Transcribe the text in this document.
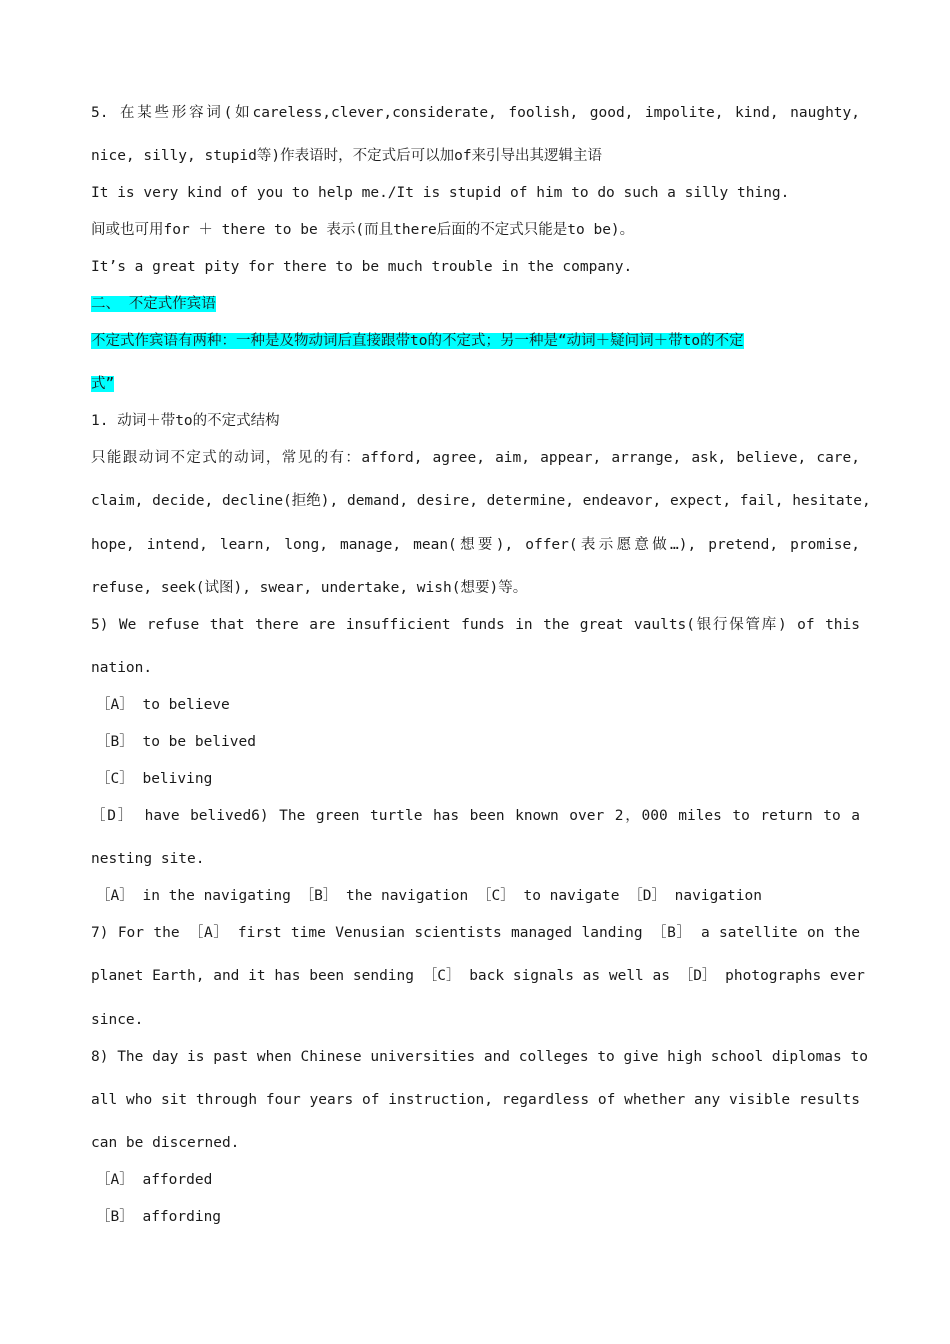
5. 在某些形容词(如careless,clever,considerate, foolish, good, impolite, kind, naughty,
nice, silly, stupid等)作表语时，不定式后可以加of来引导出其逻辑主语
It is very kind of you to help me./It is stupid of him to do such a silly thing.
间或也可用for ＋ there to be 表示(而且there后面的不定式只能是to be)。
It’s a great pity for there to be much trouble in the company.
二、 不定式作宾语
不定式作宾语有两种：一种是及物动词后直接跟带to的不定式；另一种是“动词＋疑问词＋带to的不定
式”
1. 动词＋带to的不定式结构
只能跟动词不定式的动词，常见的有：afford, agree, aim, appear, arrange, ask, believe, care,
claim, decide, decline(拒绝), demand, desire, determine, endeavor, expect, fail, hesitate,
hope, intend, learn, long, manage, mean(想要), offer(表示愿意做…), pretend, promise,
refuse, seek(试图), swear, undertake, wish(想要)等。
5) We refuse that there are insufficient funds in the great vaults(银行保管库) of this
nation.
［A］ to believe
［B］ to be belived
［C］ beliving
［D］ have belived6) The green turtle has been known over 2，000 miles to return to a
nesting site.
［A］ in the navigating ［B］ the navigation ［C］ to navigate ［D］ navigation
7) For the ［A］ first time Venusian scientists managed landing ［B］ a satellite on the
planet Earth, and it has been sending ［C］ back signals as well as ［D］ photographs ever
since.
8) The day is past when Chinese universities and colleges to give high school diplomas to
all who sit through four years of instruction, regardless of whether any visible results
can be discerned.
［A］ afforded
［B］ affording
